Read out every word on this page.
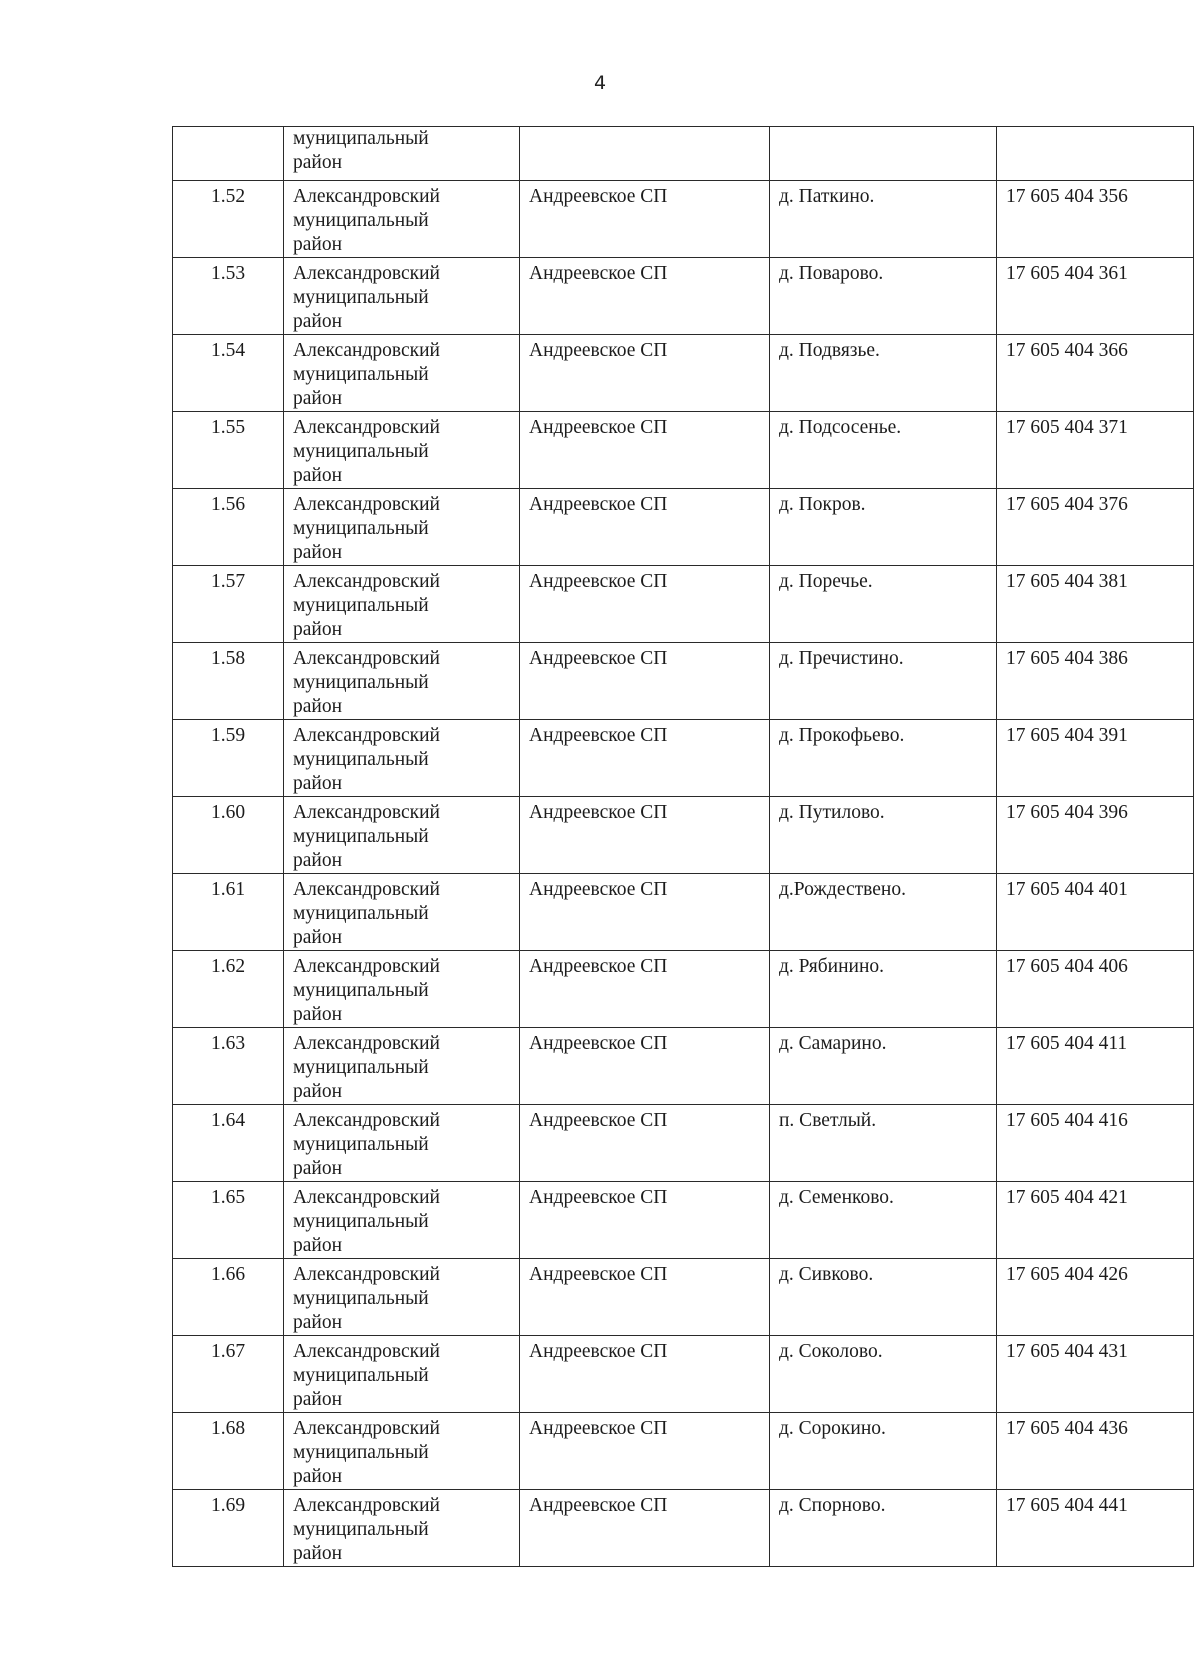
4

	муниципальный
район			

1.52	Александровский
муниципальный
район	Андреевское СП	д. Паткино.	17 605 404 356
1.53	Александровский
муниципальный
район	Андреевское СП	д. Поварово.	17 605 404 361
1.54	Александровский
муниципальный
район	Андреевское СП	д. Подвязье.	17 605 404 366
1.55	Александровский
муниципальный
район	Андреевское СП	д. Подсосенье.	17 605 404 371
1.56	Александровский
муниципальный
район	Андреевское СП	д. Покров.	17 605 404 376
1.57	Александровский
муниципальный
район	Андреевское СП	д. Поречье.	17 605 404 381
1.58	Александровский
муниципальный
район	Андреевское СП	д. Пречистино.	17 605 404 386
1.59	Александровский
муниципальный
район	Андреевское СП	д. Прокофьево.	17 605 404 391
1.60	Александровский
муниципальный
район	Андреевское СП	д. Путилово.	17 605 404 396
1.61	Александровский
муниципальный
район	Андреевское СП	д.Рождествено.	17 605 404 401
1.62	Александровский
муниципальный
район	Андреевское СП	д. Рябинино.	17 605 404 406
1.63	Александровский
муниципальный
район	Андреевское СП	д. Самарино.	17 605 404 411
1.64	Александровский
муниципальный
район	Андреевское СП	п. Светлый.	17 605 404 416
1.65	Александровский
муниципальный
район	Андреевское СП	д. Семенково.	17 605 404 421
1.66	Александровский
муниципальный
район	Андреевское СП	д. Сивково.	17 605 404 426
1.67	Александровский
муниципальный
район	Андреевское СП	д. Соколово.	17 605 404 431
1.68	Александровский
муниципальный
район	Андреевское СП	д. Сорокино.	17 605 404 436
1.69	Александровский
муниципальный
район	Андреевское СП	д. Спорново.	17 605 404 441
